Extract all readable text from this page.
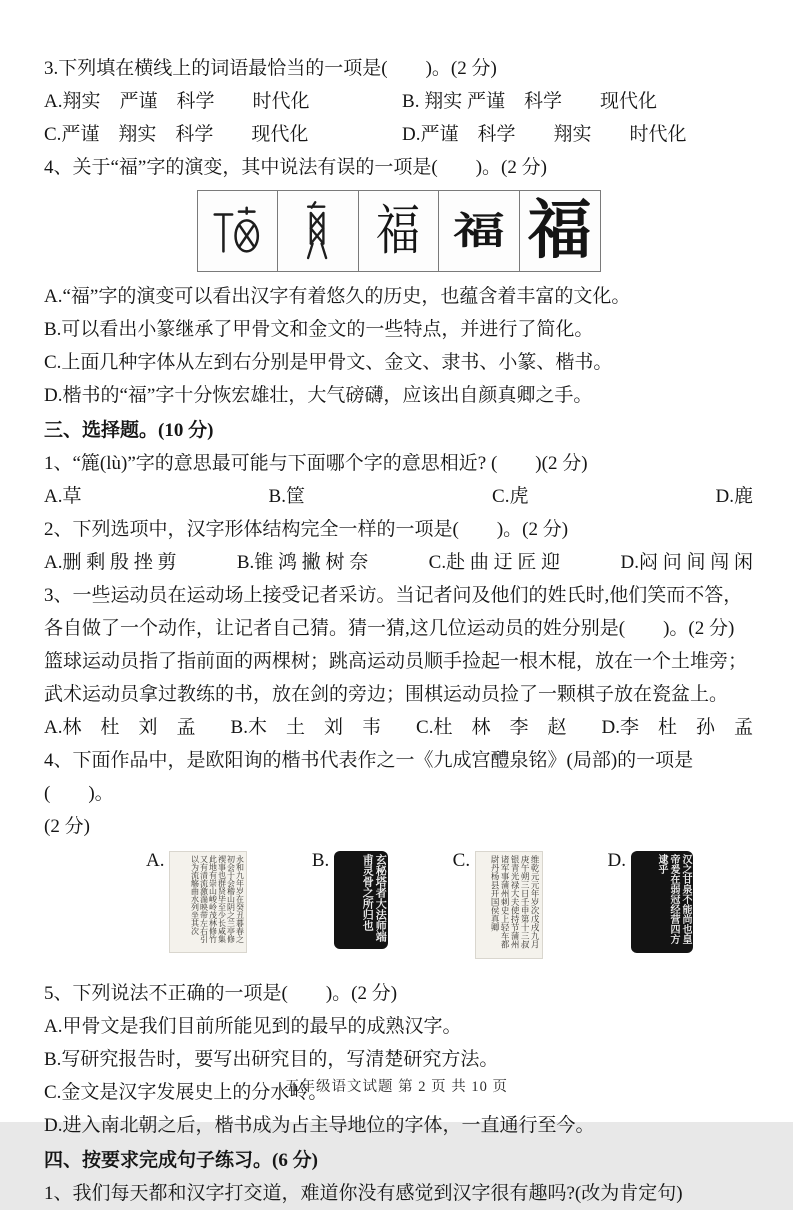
3.下列填在横线上的词语最恰当的一项是(　　)。(2 分)

A.翔实　严谨　科学　　时代化	B. 翔实 严谨　科学　　现代化
C.严谨　翔实　科学　　现代化	D.严谨　科学　　翔实　　时代化

4、关于“福”字的演变，其中说法有误的一项是(　　)。(2 分)

福 福 福

A.“福”字的演变可以看出汉字有着悠久的历史，也蕴含着丰富的文化。

B.可以看出小篆继承了甲骨文和金文的一些特点，并进行了简化。

C.上面几种字体从左到右分别是甲骨文、金文、隶书、小篆、楷书。

D.楷书的“福”字十分恢宏雄壮，大气磅礴，应该出自颜真卿之手。

三、选择题。(10 分)

1、“簏(lù)”字的意思最可能与下面哪个字的意思相近? (　　)(2 分)

A.草	B.筐	C.虎	D.鹿

2、下列选项中，汉字形体结构完全一样的一项是(　　)。(2 分)

A.删 剩 殷 挫 剪	B.锥 鸿 撇 树 奈	C.赴 曲 迂 匠 迎	D.闷 问 间 闯 闲

3、一些运动员在运动场上接受记者采访。当记者问及他们的姓氏时,他们笑而不答，

各自做了一个动作，让记者自己猜。猜一猜,这几位运动员的姓分别是(　　)。(2 分)

篮球运动员指了指前面的两棵树；跳高运动员顺手捡起一根木棍，放在一个土堆旁；

武术运动员拿过教练的书，放在剑的旁边；围棋运动员捡了一颗棋子放在瓷盆上。

A.林　杜　刘　孟 B.木　土　刘　韦 C.杜　林　李　赵 D.李　杜　孙　孟

4、下面作品中，是欧阳询的楷书代表作之一《九成宫醴泉铭》(局部)的一项是(　　)。

(2 分)

A.	永和九年岁在癸丑暮春之初会于会稽山阴之兰亭修禊事也群贤毕至少长咸集此地有崇山峻岭茂林修竹又有清流激湍映带左右引以为流觞曲水列坐其次	B.	玄秘塔者大法师端甫灵骨之所归也	C.	维乾元元年岁次戊戌九月庚午朔三日壬申第十三叔银青光禄大夫使持节蒲州诸军事蒲州刺史上轻车都尉丹杨县开国侯真卿	D.	汉之甘泉不能尚也皇帝爰在弱冠经营四方逮乎

5、下列说法不正确的一项是(　　)。(2 分)

A.甲骨文是我们目前所能见到的最早的成熟汉字。

B.写研究报告时，要写出研究目的，写清楚研究方法。

C.金文是汉字发展史上的分水岭。

D.进入南北朝之后，楷书成为占主导地位的字体，一直通行至今。

四、按要求完成句子练习。(6 分)

1、我们每天都和汉字打交道，难道你没有感觉到汉字很有趣吗?(改为肯定句)

五年级语文试题 第 2 页 共 10 页
